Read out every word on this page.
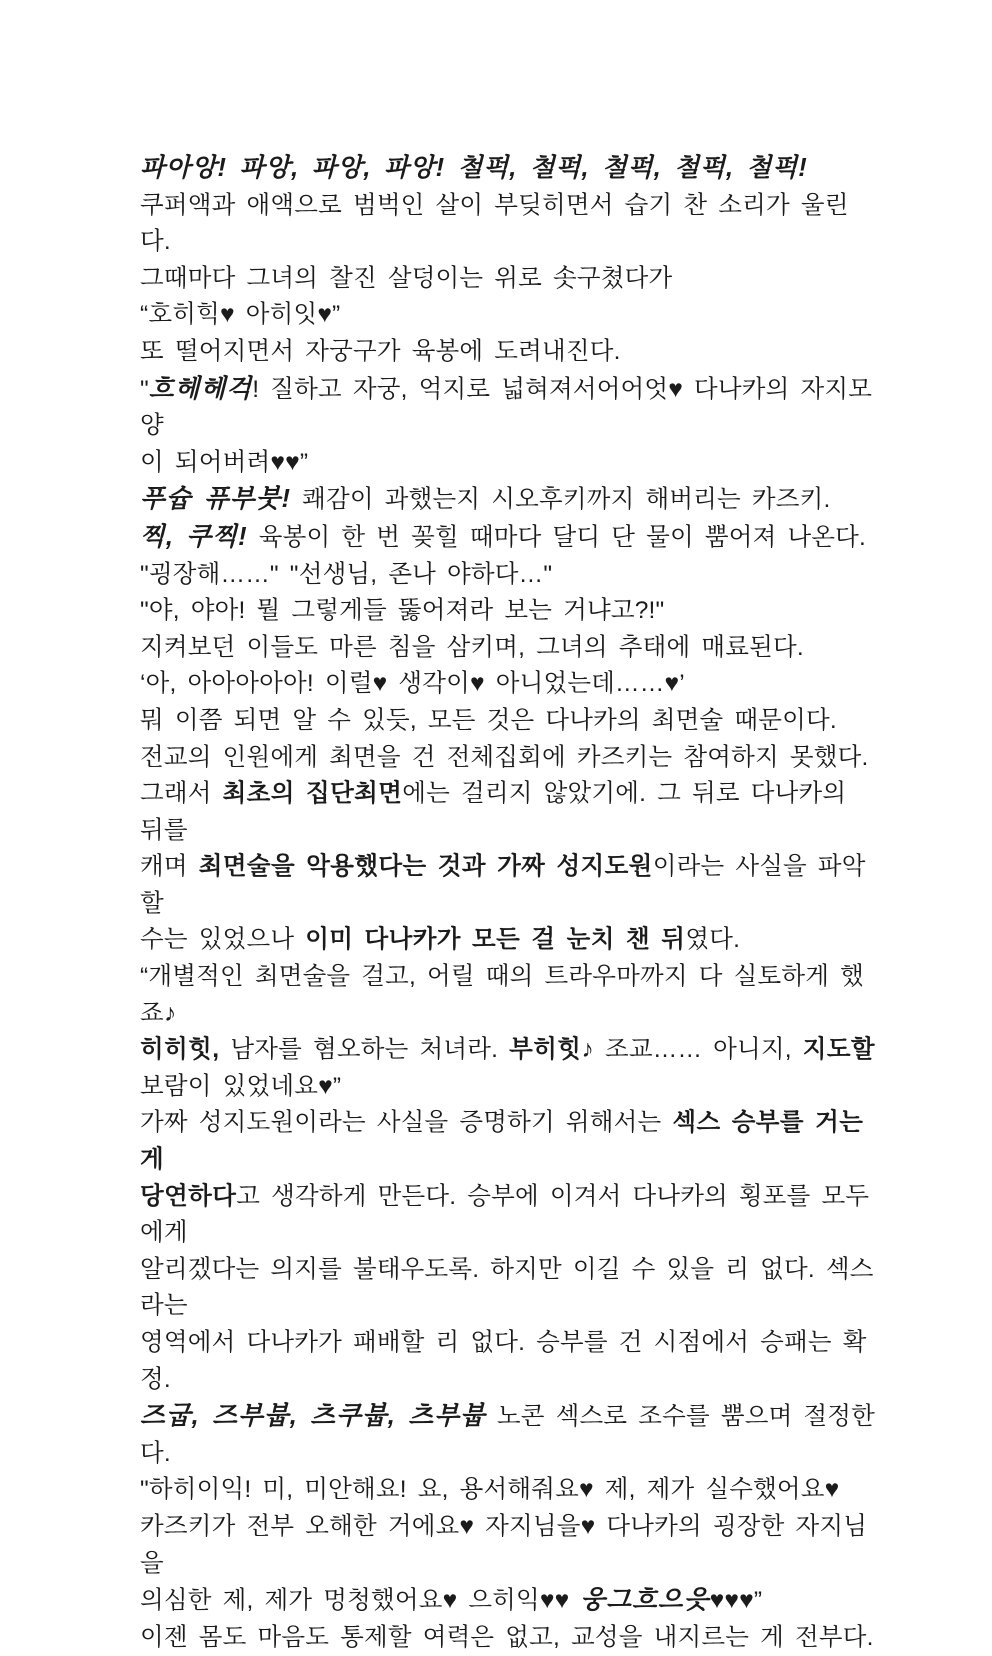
파아앙! 파앙, 파앙, 파앙! 철퍽, 철퍽, 철퍽, 철퍽, 철퍽!

쿠퍼액과 애액으로 범벅인 살이 부딪히면서 습기 찬 소리가 울린다.

그때마다 그녀의 찰진 살덩이는 위로 솟구쳤다가

“호히힉♥ 아히잇♥”

또 떨어지면서 자궁구가 육봉에 도려내진다.

"흐헤헤걱! 질하고 자궁, 억지로 넓혀져서어어엇♥ 다나카의 자지모양

이 되어버려♥♥”

푸슙 퓨부붓! 쾌감이 과했는지 시오후키까지 해버리는 카즈키.

찍, 쿠찍! 육봉이 한 번 꽂힐 때마다 달디 단 물이 뿜어져 나온다.

"굉장해……" "선생님, 존나 야하다…"

"야, 야아! 뭘 그렇게들 뚫어져라 보는 거냐고?!"

지켜보던 이들도 마른 침을 삼키며, 그녀의 추태에 매료된다.

‘아, 아아아아아! 이럴♥ 생각이♥ 아니었는데……♥’

뭐 이쯤 되면 알 수 있듯, 모든 것은 다나카의 최면술 때문이다.

전교의 인원에게 최면을 건 전체집회에 카즈키는 참여하지 못했다.

그래서 최초의 집단최면에는 걸리지 않았기에. 그 뒤로 다나카의 뒤를

캐며 최면술을 악용했다는 것과 가짜 성지도원이라는 사실을 파악할

수는 있었으나 이미 다나카가 모든 걸 눈치 챈 뒤였다.

“개별적인 최면술을 걸고, 어릴 때의 트라우마까지 다 실토하게 했죠♪

히히힛, 남자를 혐오하는 처녀라. 부히힛♪ 조교…… 아니지, 지도할

보람이 있었네요♥”

가짜 성지도원이라는 사실을 증명하기 위해서는 섹스 승부를 거는 게

당연하다고 생각하게 만든다. 승부에 이겨서 다나카의 횡포를 모두에게

알리겠다는 의지를 불태우도록. 하지만 이길 수 있을 리 없다. 섹스라는

영역에서 다나카가 패배할 리 없다. 승부를 건 시점에서 승패는 확정.

즈굽, 즈부붑, 츠쿠붑, 츠부붑 노콘 섹스로 조수를 뿜으며 절정한다.

"하히이익! 미, 미안해요! 요, 용서해줘요♥ 제, 제가 실수했어요♥

카즈키가 전부 오해한 거에요♥ 자지님을♥ 다나카의 굉장한 자지님을

의심한 제, 제가 멍청했어요♥ 으히익♥♥ 웅그흐으읏♥♥♥”

이젠 몸도 마음도 통제할 여력은 없고, 교성을 내지르는 게 전부다.
